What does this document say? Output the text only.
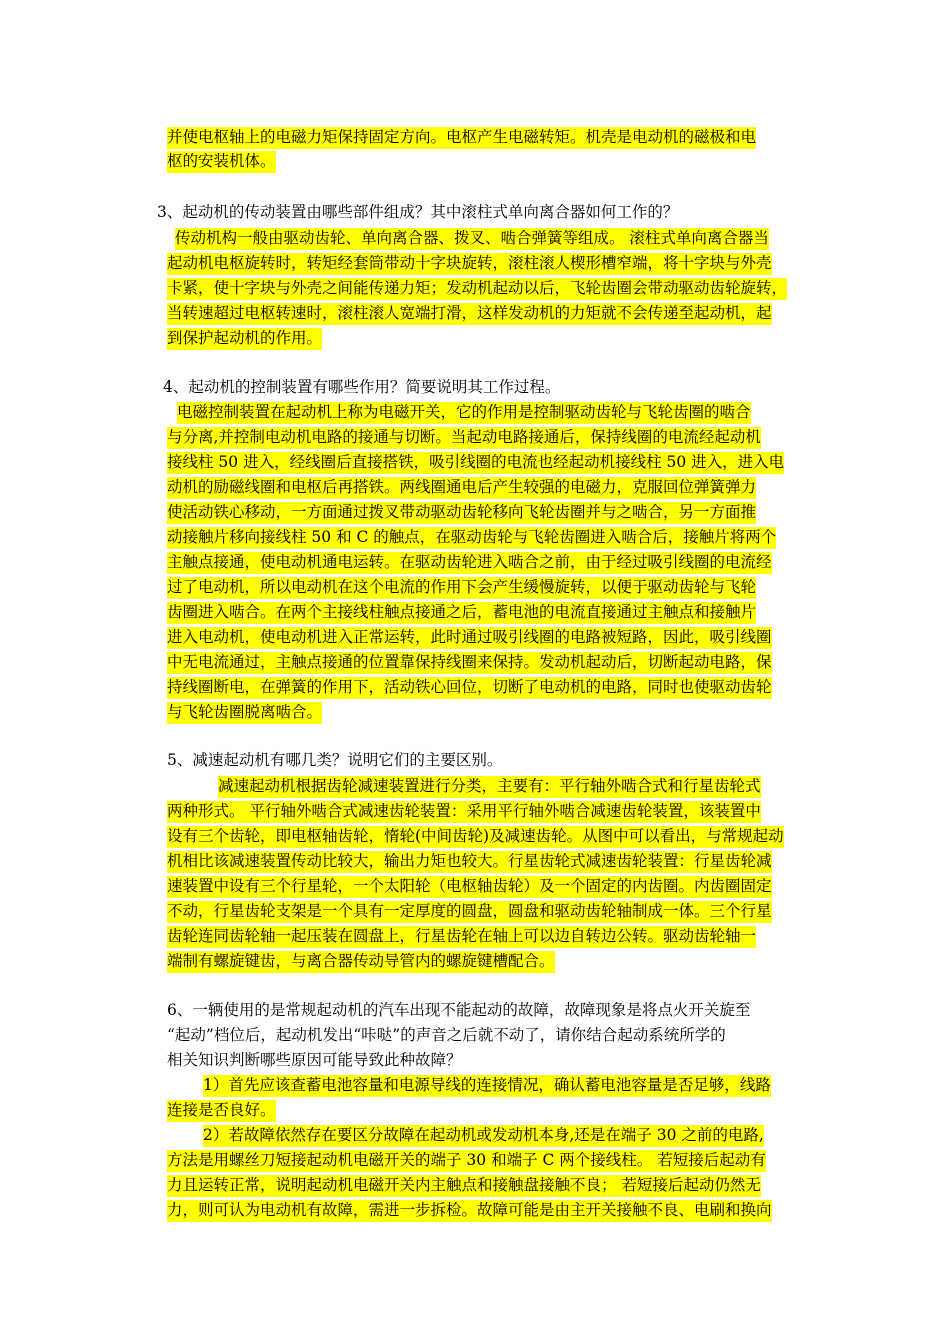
并使电枢轴上的电磁力矩保持固定方向。电枢产生电磁转矩。机壳是电动机的磁极和电
枢的安装机体。
3、起动机的传动装置由哪些部件组成？其中滚柱式单向离合器如何工作的？
传动机构一般由驱动齿轮、单向离合器、拨叉、啮合弹簧等组成。 滚柱式单向离合器当
起动机电枢旋转时，转矩经套筒带动十字块旋转，滚柱滚人楔形槽窄端，将十字块与外壳
卡紧，使十字块与外壳之间能传递力矩；发动机起动以后，飞轮齿圈会带动驱动齿轮旋转，
当转速超过电枢转速时，滚柱滚人宽端打滑，这样发动机的力矩就不会传递至起动机，起
到保护起动机的作用。
4、起动机的控制装置有哪些作用？简要说明其工作过程。
电磁控制装置在起动机上称为电磁开关，它的作用是控制驱动齿轮与飞轮齿圈的啮合
与分离,并控制电动机电路的接通与切断。当起动电路接通后，保持线圈的电流经起动机
接线柱 50 进入，经线圈后直接搭铁，吸引线圈的电流也经起动机接线柱 50 进入，进入电
动机的励磁线圈和电枢后再搭铁。两线圈通电后产生较强的电磁力，克服回位弹簧弹力
使活动铁心移动，一方面通过拨叉带动驱动齿轮移向飞轮齿圈并与之啮合，另一方面推
动接触片移向接线柱 50 和 C 的触点，在驱动齿轮与飞轮齿圈进入啮合后，接触片将两个
主触点接通，使电动机通电运转。在驱动齿轮进入啮合之前，由于经过吸引线圈的电流经
过了电动机，所以电动机在这个电流的作用下会产生缓慢旋转，以便于驱动齿轮与飞轮
齿圈进入啮合。在两个主接线柱触点接通之后，蓄电池的电流直接通过主触点和接触片
进入电动机，使电动机进入正常运转，此时通过吸引线圈的电路被短路，因此，吸引线圈
中无电流通过，主触点接通的位置靠保持线圈来保持。发动机起动后，切断起动电路，保
持线圈断电，在弹簧的作用下，活动铁心回位，切断了电动机的电路，同时也使驱动齿轮
与飞轮齿圈脱离啮合。
5、减速起动机有哪几类？说明它们的主要区别。
减速起动机根据齿轮减速装置进行分类，主要有：平行轴外啮合式和行星齿轮式
两种形式。 平行轴外啮合式减速齿轮装置：采用平行轴外啮合减速齿轮装置，该装置中
设有三个齿轮，即电枢轴齿轮，惰轮(中间齿轮)及减速齿轮。从图中可以看出，与常规起动
机相比该减速装置传动比较大，输出力矩也较大。行星齿轮式减速齿轮装置：行星齿轮减
速装置中设有三个行星轮，一个太阳轮（电枢轴齿轮）及一个固定的内齿圈。内齿圈固定
不动，行星齿轮支架是一个具有一定厚度的圆盘，圆盘和驱动齿轮轴制成一体。三个行星
齿轮连同齿轮轴一起压装在圆盘上，行星齿轮在轴上可以边自转边公转。驱动齿轮轴一
端制有螺旋键齿，与离合器传动导管内的螺旋键槽配合。
6、一辆使用的是常规起动机的汽车出现不能起动的故障，故障现象是将点火开关旋至
“起动”档位后，起动机发出“咔哒”的声音之后就不动了，请你结合起动系统所学的
相关知识判断哪些原因可能导致此种故障？
1）首先应该查蓄电池容量和电源导线的连接情况，确认蓄电池容量是否足够，线路
连接是否良好。
2）若故障依然存在要区分故障在起动机或发动机本身,还是在端子 30 之前的电路,
方法是用螺丝刀短接起动机电磁开关的端子 30 和端子 C 两个接线柱。 若短接后起动有
力且运转正常，说明起动机电磁开关内主触点和接触盘接触不良； 若短接后起动仍然无
力，则可认为电动机有故障，需进一步拆检。故障可能是由主开关接触不良、电刷和换向
